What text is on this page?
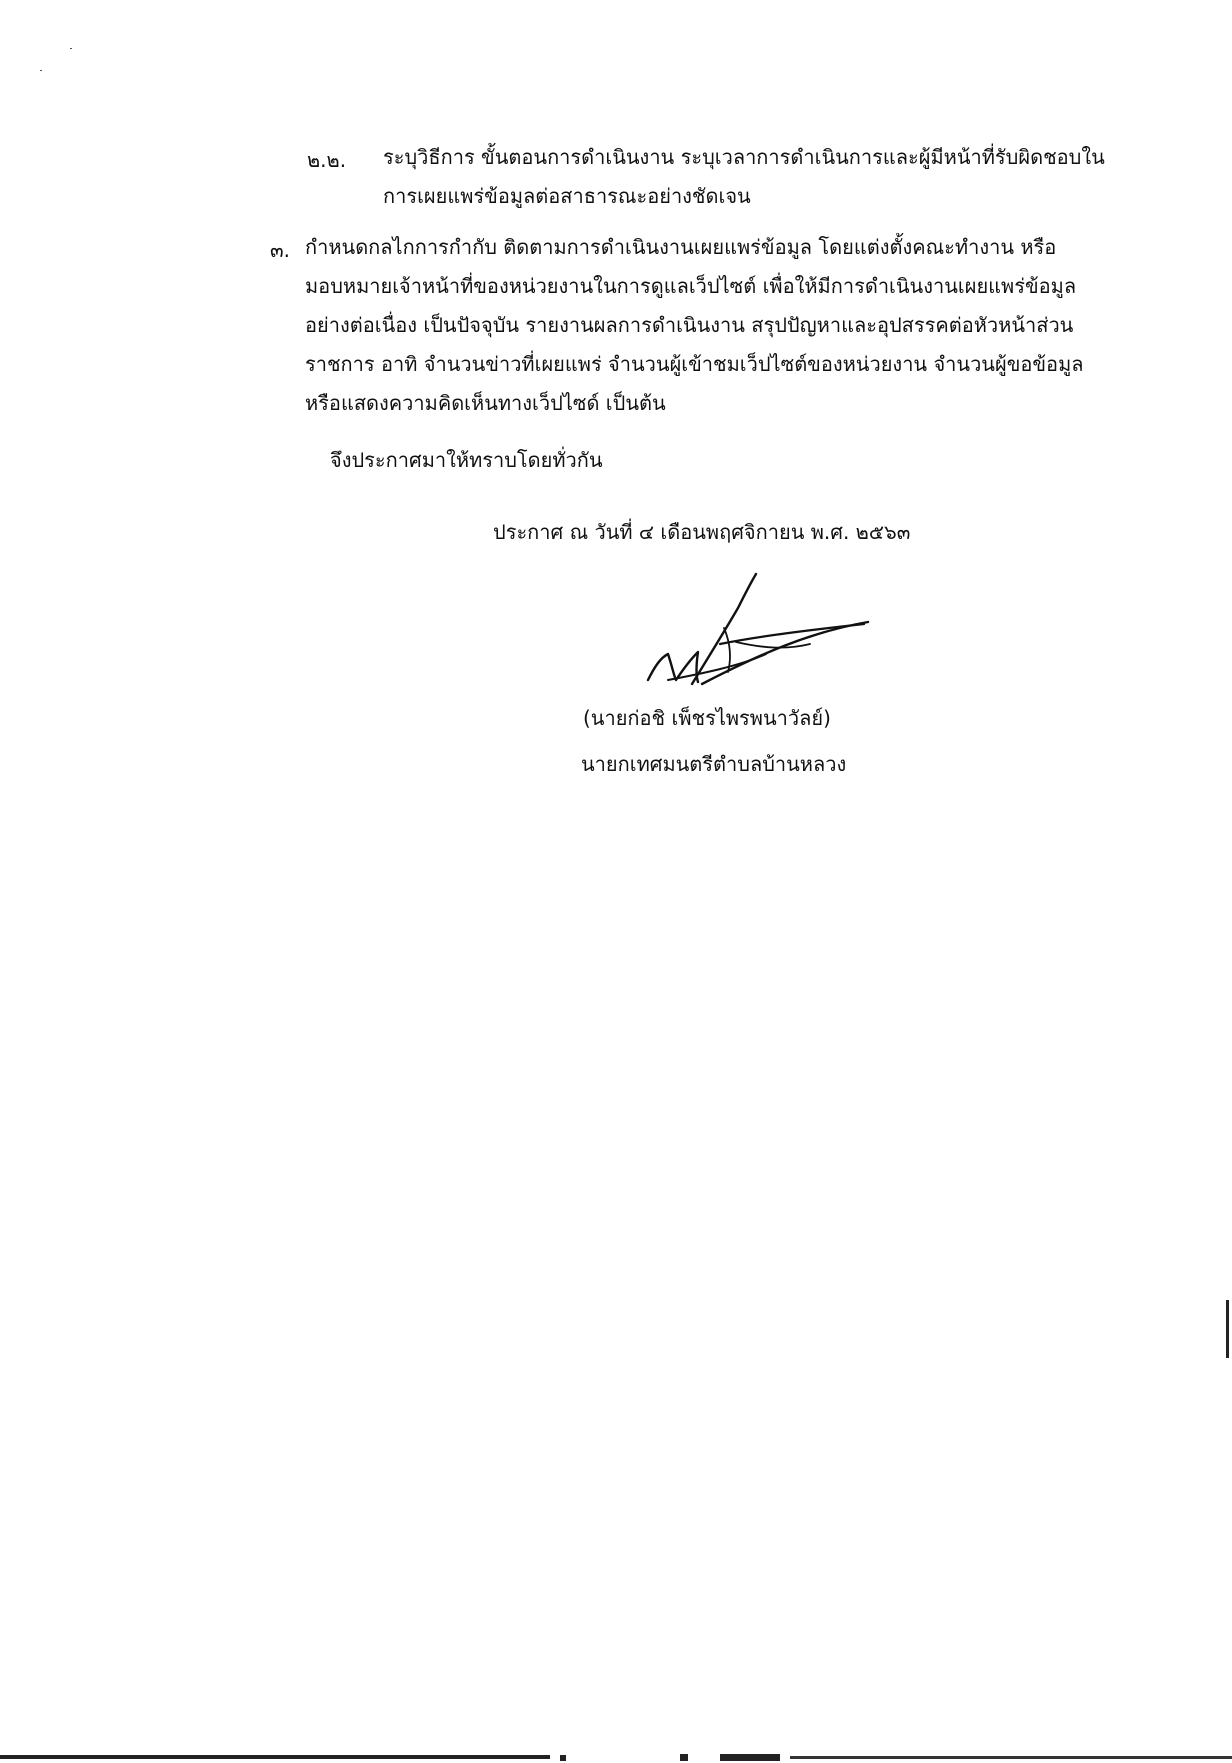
๒.๒. ระบุวิธีการ ขั้นตอนการดำเนินงาน ระบุเวลาการดำเนินการและผู้มีหน้าที่รับผิดชอบใน
การเผยแพร่ข้อมูลต่อสาธารณะอย่างชัดเจน
๓. กำหนดกลไกการกำกับ ติดตามการดำเนินงานเผยแพร่ข้อมูล โดยแต่งตั้งคณะทำงาน หรือ
มอบหมายเจ้าหน้าที่ของหน่วยงานในการดูแลเว็ปไซต์ เพื่อให้มีการดำเนินงานเผยแพร่ข้อมูล
อย่างต่อเนื่อง เป็นปัจจุบัน รายงานผลการดำเนินงาน สรุปปัญหาและอุปสรรคต่อหัวหน้าส่วน
ราชการ อาทิ จำนวนข่าวที่เผยแพร่ จำนวนผู้เข้าชมเว็ปไซต์ของหน่วยงาน จำนวนผู้ขอข้อมูล
หรือแสดงความคิดเห็นทางเว็ปไซด์ เป็นต้น
จึงประกาศมาให้ทราบโดยทั่วกัน
ประกาศ ณ วันที่ ๔ เดือนพฤศจิกายน พ.ศ. ๒๕๖๓
(นายก่อชิ เพ็ชรไพรพนาวัลย์)
นายกเทศมนตรีตำบลบ้านหลวง
